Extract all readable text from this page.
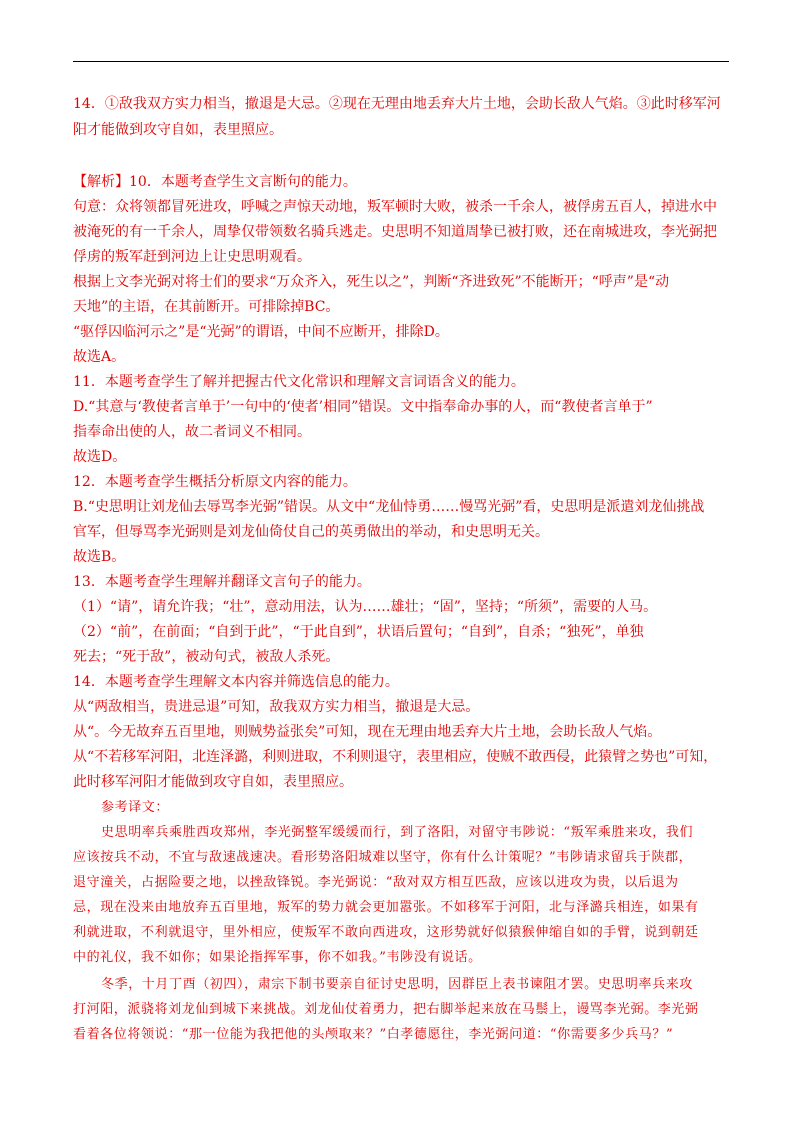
14．①敌我双方实力相当，撤退是大忌。②现在无理由地丢弃大片土地，会助长敌人气焰。③此时移军河
阳才能做到攻守自如，表里照应。
【解析】10．本题考查学生文言断句的能力。
句意：众将领都冒死进攻，呼喊之声惊天动地，叛军顿时大败，被杀一千余人，被俘虏五百人，掉进水中
被淹死的有一千余人，周挚仅带领数名骑兵逃走。史思明不知道周挚已被打败，还在南城进攻，李光弼把
俘虏的叛军赶到河边上让史思明观看。
根据上文李光弼对将士们的要求“万众齐入，死生以之”，判断“齐进致死”不能断开；“呼声”是“动
天地”的主语，在其前断开。可排除掉BC。
“驱俘囚临河示之”是“光弼”的谓语，中间不应断开，排除D。
故选A。
11．本题考查学生了解并把握古代文化常识和理解文言词语含义的能力。
D.“其意与‘教使者言单于’一句中的‘使者’相同”错误。文中指奉命办事的人，而“教使者言单于”
指奉命出使的人，故二者词义不相同。
故选D。
12．本题考查学生概括分析原文内容的能力。
B.“史思明让刘龙仙去辱骂李光弼”错误。从文中“龙仙恃勇……慢骂光弼”看，史思明是派遣刘龙仙挑战
官军，但辱骂李光弼则是刘龙仙倚仗自己的英勇做出的举动，和史思明无关。
故选B。
13．本题考查学生理解并翻译文言句子的能力。
（1）“请”，请允许我；“壮”，意动用法，认为……雄壮；“固”，坚持；“所须”，需要的人马。
（2）“前”，在前面；“自到于此”，“于此自到”，状语后置句；“自到”，自杀；“独死”，单独
死去；“死于敌”，被动句式，被敌人杀死。
14．本题考查学生理解文本内容并筛选信息的能力。
从“两敌相当，贵进忌退”可知，敌我双方实力相当，撤退是大忌。
从“。今无故弃五百里地，则贼势益张矣”可知，现在无理由地丢弃大片土地，会助长敌人气焰。
从“不若移军河阳，北连泽潞，利则进取，不利则退守，表里相应，使贼不敢西侵，此猿臂之势也”可知，
此时移军河阳才能做到攻守自如，表里照应。
参考译文：
史思明率兵乘胜西攻郑州，李光弼整军缓缓而行，到了洛阳，对留守韦陟说：“叛军乘胜来攻，我们
应该按兵不动，不宜与敌速战速决。看形势洛阳城难以坚守，你有什么计策呢？”韦陟请求留兵于陕郡，
退守潼关，占据险要之地，以挫敌锋锐。李光弼说：“敌对双方相互匹敌，应该以进攻为贵，以后退为
忌，现在没来由地放弃五百里地，叛军的势力就会更加嚣张。不如移军于河阳，北与泽潞兵相连，如果有
利就进取，不利就退守，里外相应，使叛军不敢向西进攻，这形势就好似猿猴伸缩自如的手臂，说到朝廷
中的礼仪，我不如你；如果论指挥军事，你不如我。”韦陟没有说话。
冬季，十月丁酉（初四），肃宗下制书要亲自征讨史思明，因群臣上表书谏阻才罢。史思明率兵来攻
打河阳，派骁将刘龙仙到城下来挑战。刘龙仙仗着勇力，把右脚举起来放在马鬃上，谩骂李光弼。李光弼
看着各位将领说：“那一位能为我把他的头颅取来？”白孝德愿往，李光弼问道：“你需要多少兵马？”
